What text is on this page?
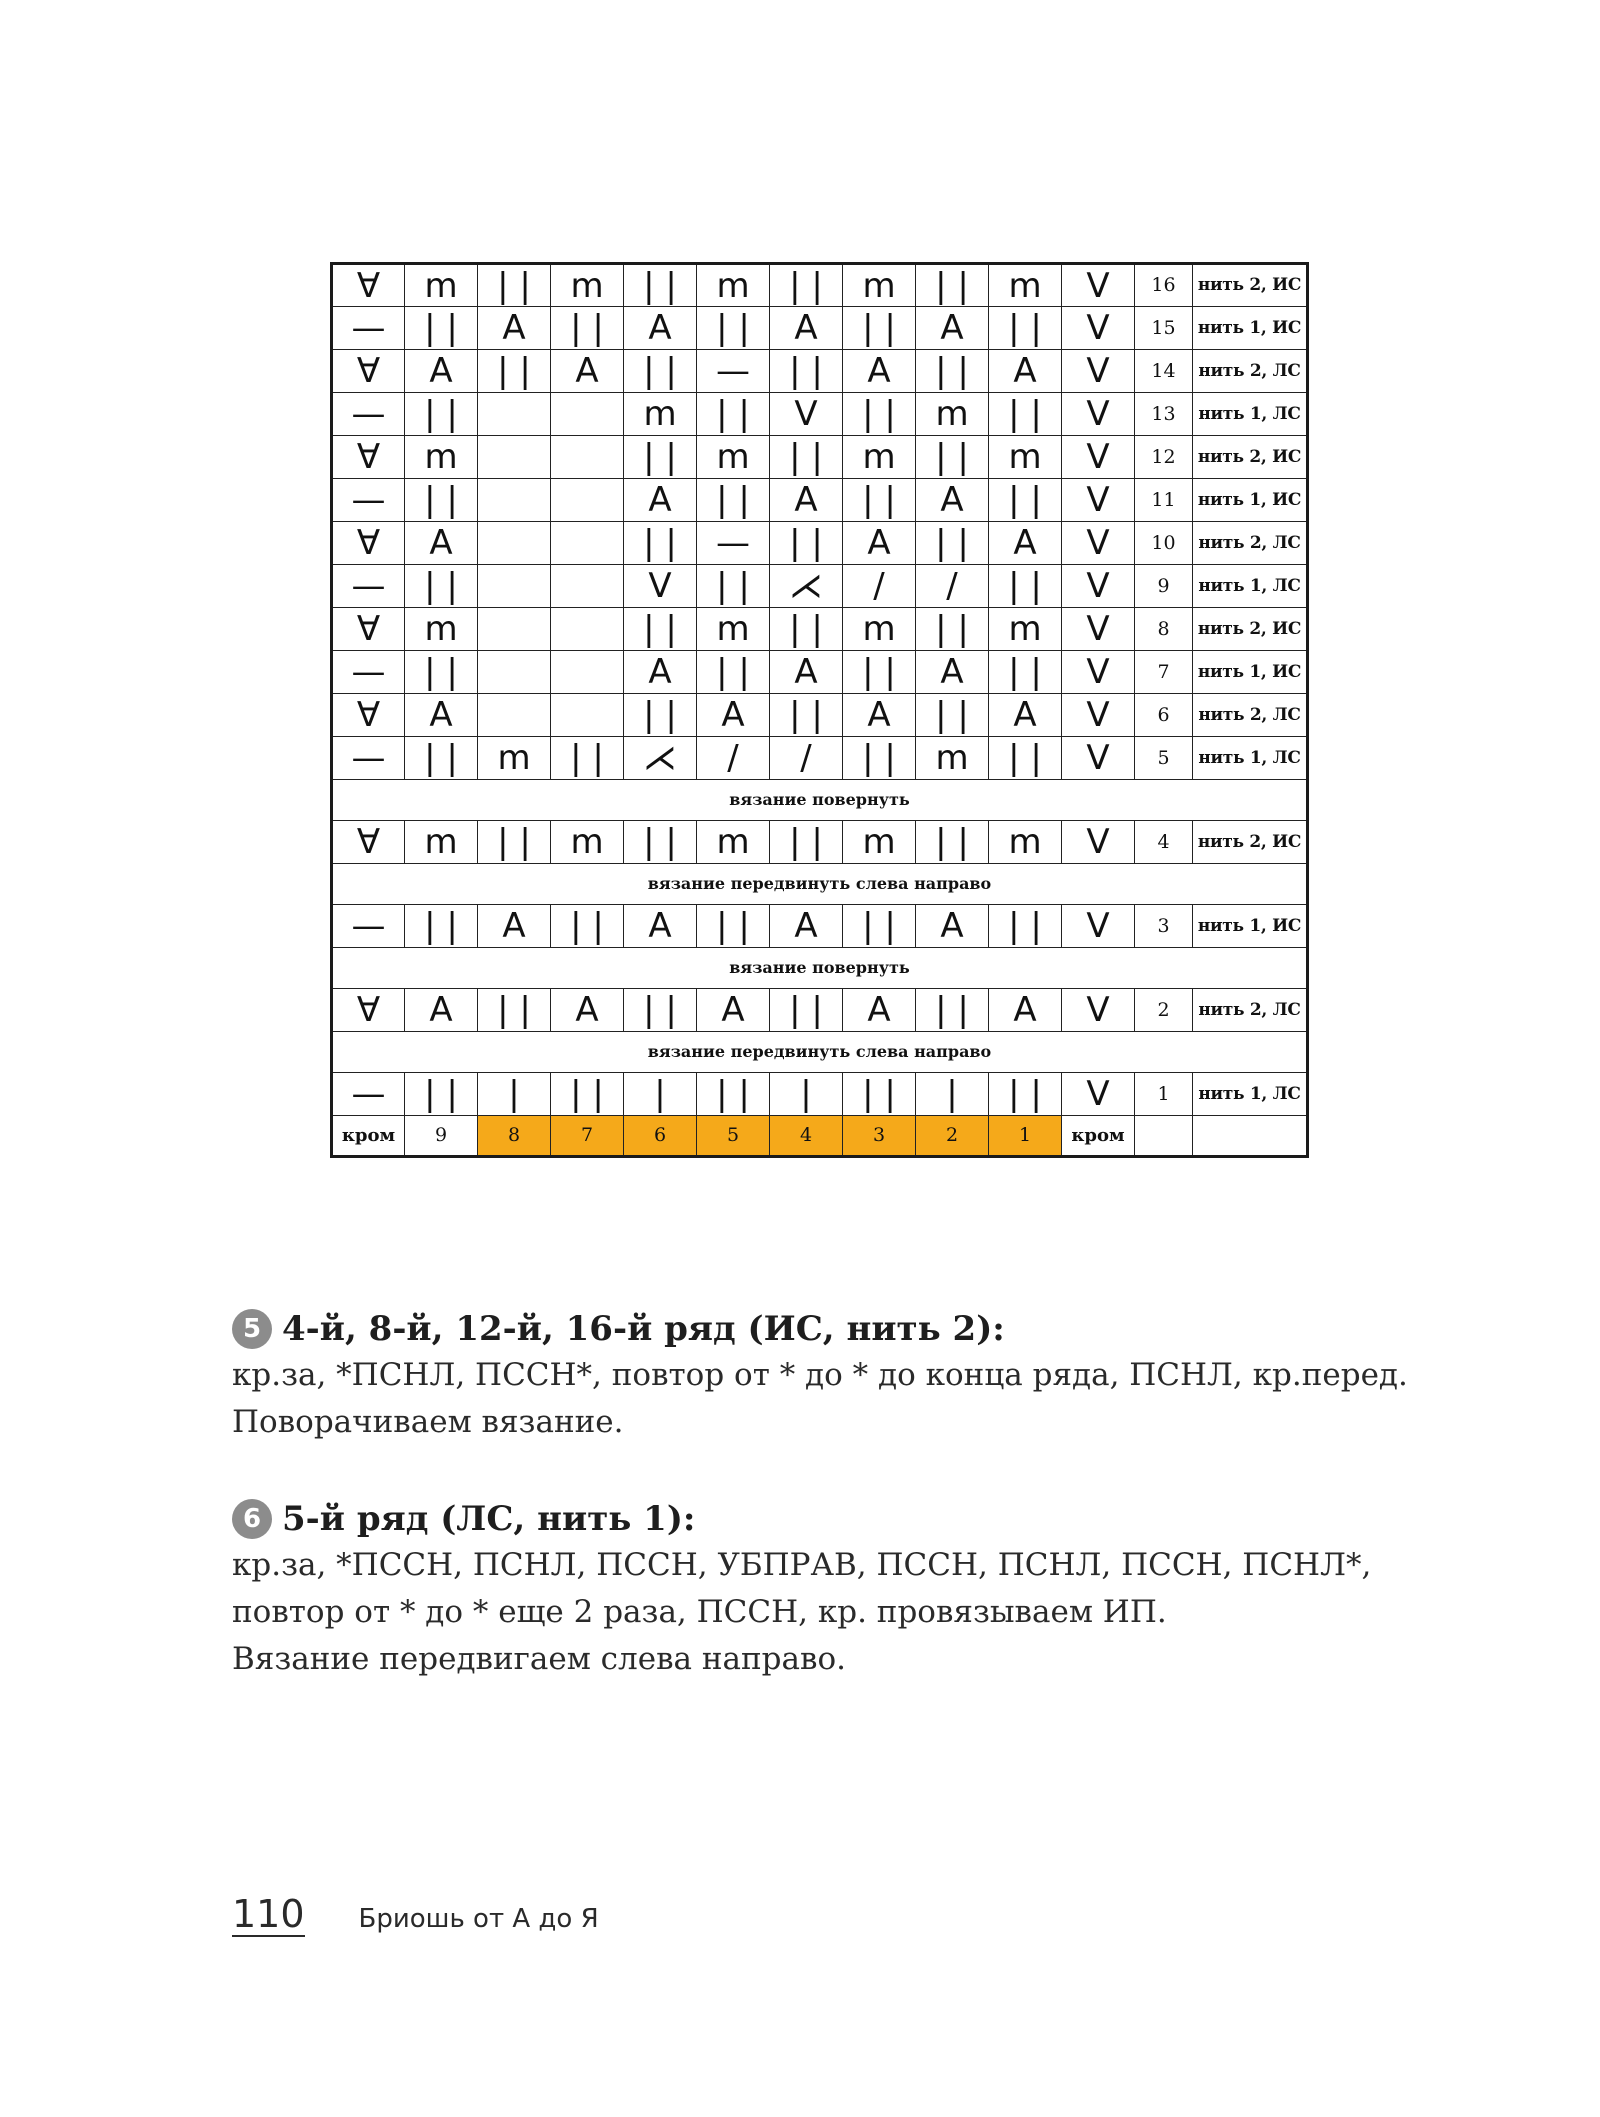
∀	ⅿ	| |	ⅿ	| |	ⅿ	| |	ⅿ	| |	ⅿ	V	16	нить 2, ИС
—	| |	A	| |	A	| |	A	| |	A	| |	V	15	нить 1, ИС
∀	A	| |	A	| |	—	| |	A	| |	A	V	14	нить 2, ЛС
—	| |			ⅿ	| |	V	| |	ⅿ	| |	V	13	нить 1, ЛС
∀	ⅿ			| |	ⅿ	| |	ⅿ	| |	ⅿ	V	12	нить 2, ИС
—	| |			A	| |	A	| |	A	| |	V	11	нить 1, ИС
∀	A			| |	—	| |	A	| |	A	V	10	нить 2, ЛС
—	| |			V	| |	⋌	/	/	| |	V	9	нить 1, ЛС
∀	ⅿ			| |	ⅿ	| |	ⅿ	| |	ⅿ	V	8	нить 2, ИС
—	| |			A	| |	A	| |	A	| |	V	7	нить 1, ИС
∀	A			| |	A	| |	A	| |	A	V	6	нить 2, ЛС
—	| |	ⅿ	| |	⋌	/	/	| |	ⅿ	| |	V	5	нить 1, ЛС
вязание повернуть												
∀	ⅿ	| |	ⅿ	| |	ⅿ	| |	ⅿ	| |	ⅿ	V	4	нить 2, ИС
вязание передвинуть слева направо												
—	| |	A	| |	A	| |	A	| |	A	| |	V	3	нить 1, ИС
вязание повернуть												
∀	A	| |	A	| |	A	| |	A	| |	A	V	2	нить 2, ЛС
вязание передвинуть слева направо												
—	| |	|	| |	|	| |	|	| |	|	| |	V	1	нить 1, ЛС
кром	9	8	7	6	5	4	3	2	1	кром		
5 4-й, 8-й, 12-й, 16-й ряд (ИС, нить 2):
кр.за, *ПСНЛ, ПССН*, повтор от * до * до конца ряда, ПСНЛ, кр.перед.
Поворачиваем вязание.
6 5-й ряд (ЛС, нить 1):
кр.за, *ПССН, ПСНЛ, ПССН, УБПРАВ, ПССН, ПСНЛ, ПССН, ПСНЛ*,
повтор от * до * еще 2 раза, ПССН, кр. провязываем ИП.
Вязание передвигаем слева направо.
110 Бриошь от А до Я
